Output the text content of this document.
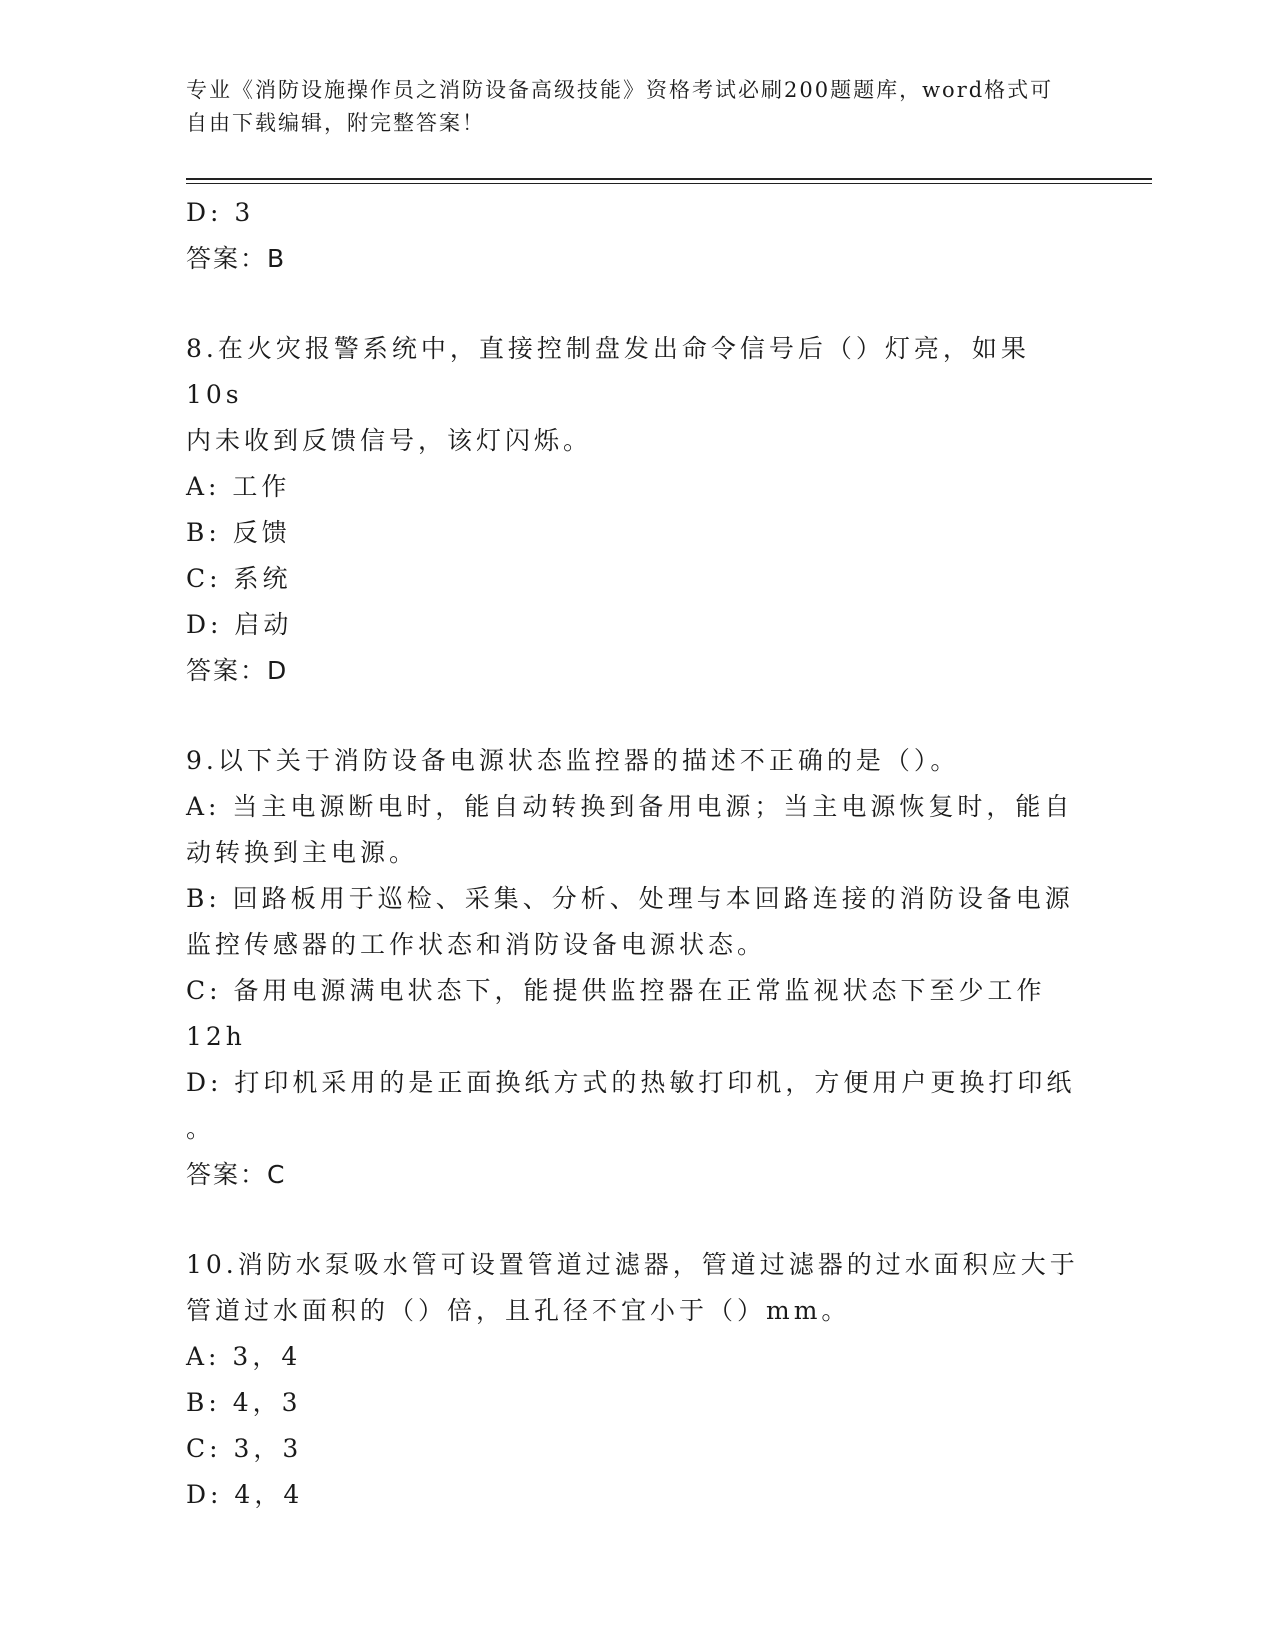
专业《消防设施操作员之消防设备高级技能》资格考试必刷200题题库，word格式可自由下载编辑，附完整答案！
D: 3
答案：B
8.在火灾报警系统中，直接控制盘发出命令信号后（）灯亮，如果10s
内未收到反馈信号，该灯闪烁。
A: 工作
B: 反馈
C: 系统
D: 启动
答案：D
9.以下关于消防设备电源状态监控器的描述不正确的是（）。
A: 当主电源断电时，能自动转换到备用电源；当主电源恢复时，能自
动转换到主电源。
B: 回路板用于巡检、采集、分析、处理与本回路连接的消防设备电源
监控传感器的工作状态和消防设备电源状态。
C: 备用电源满电状态下，能提供监控器在正常监视状态下至少工作
12h
D: 打印机采用的是正面换纸方式的热敏打印机，方便用户更换打印纸
。
答案：C
10.消防水泵吸水管可设置管道过滤器，管道过滤器的过水面积应大于
管道过水面积的（）倍，且孔径不宜小于（）mm。
A: 3，4
B: 4，3
C: 3，3
D: 4，4
